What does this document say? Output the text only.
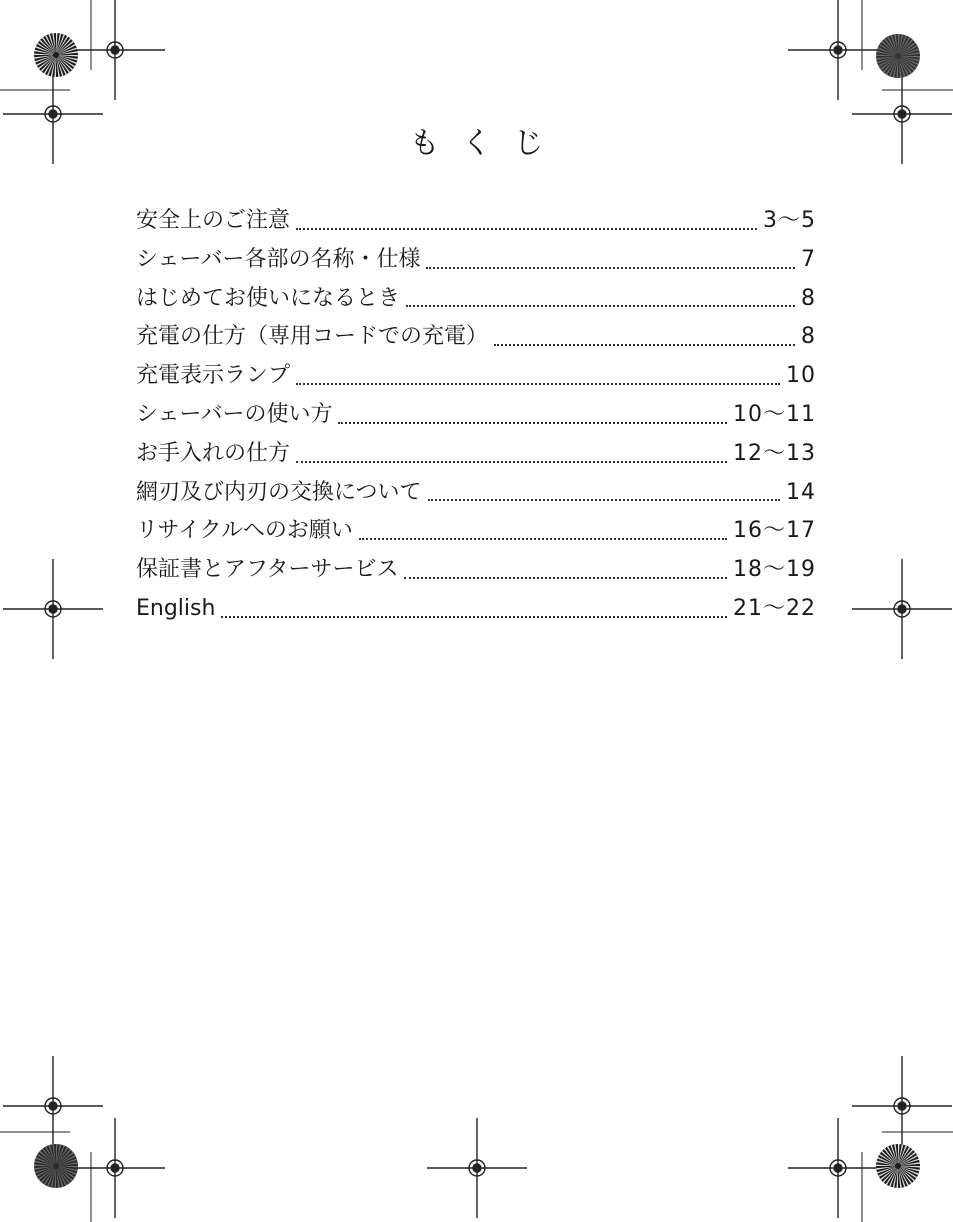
もくじ
安全上のご注意	3〜5
シェーバー各部の名称・仕様	7
はじめてお使いになるとき	8
充電の仕方（専用コードでの充電）	8
充電表示ランプ	10
シェーバーの使い方	10〜11
お手入れの仕方	12〜13
網刃及び内刃の交換について	14
リサイクルへのお願い	16〜17
保証書とアフターサービス	18〜19
English	21〜22
